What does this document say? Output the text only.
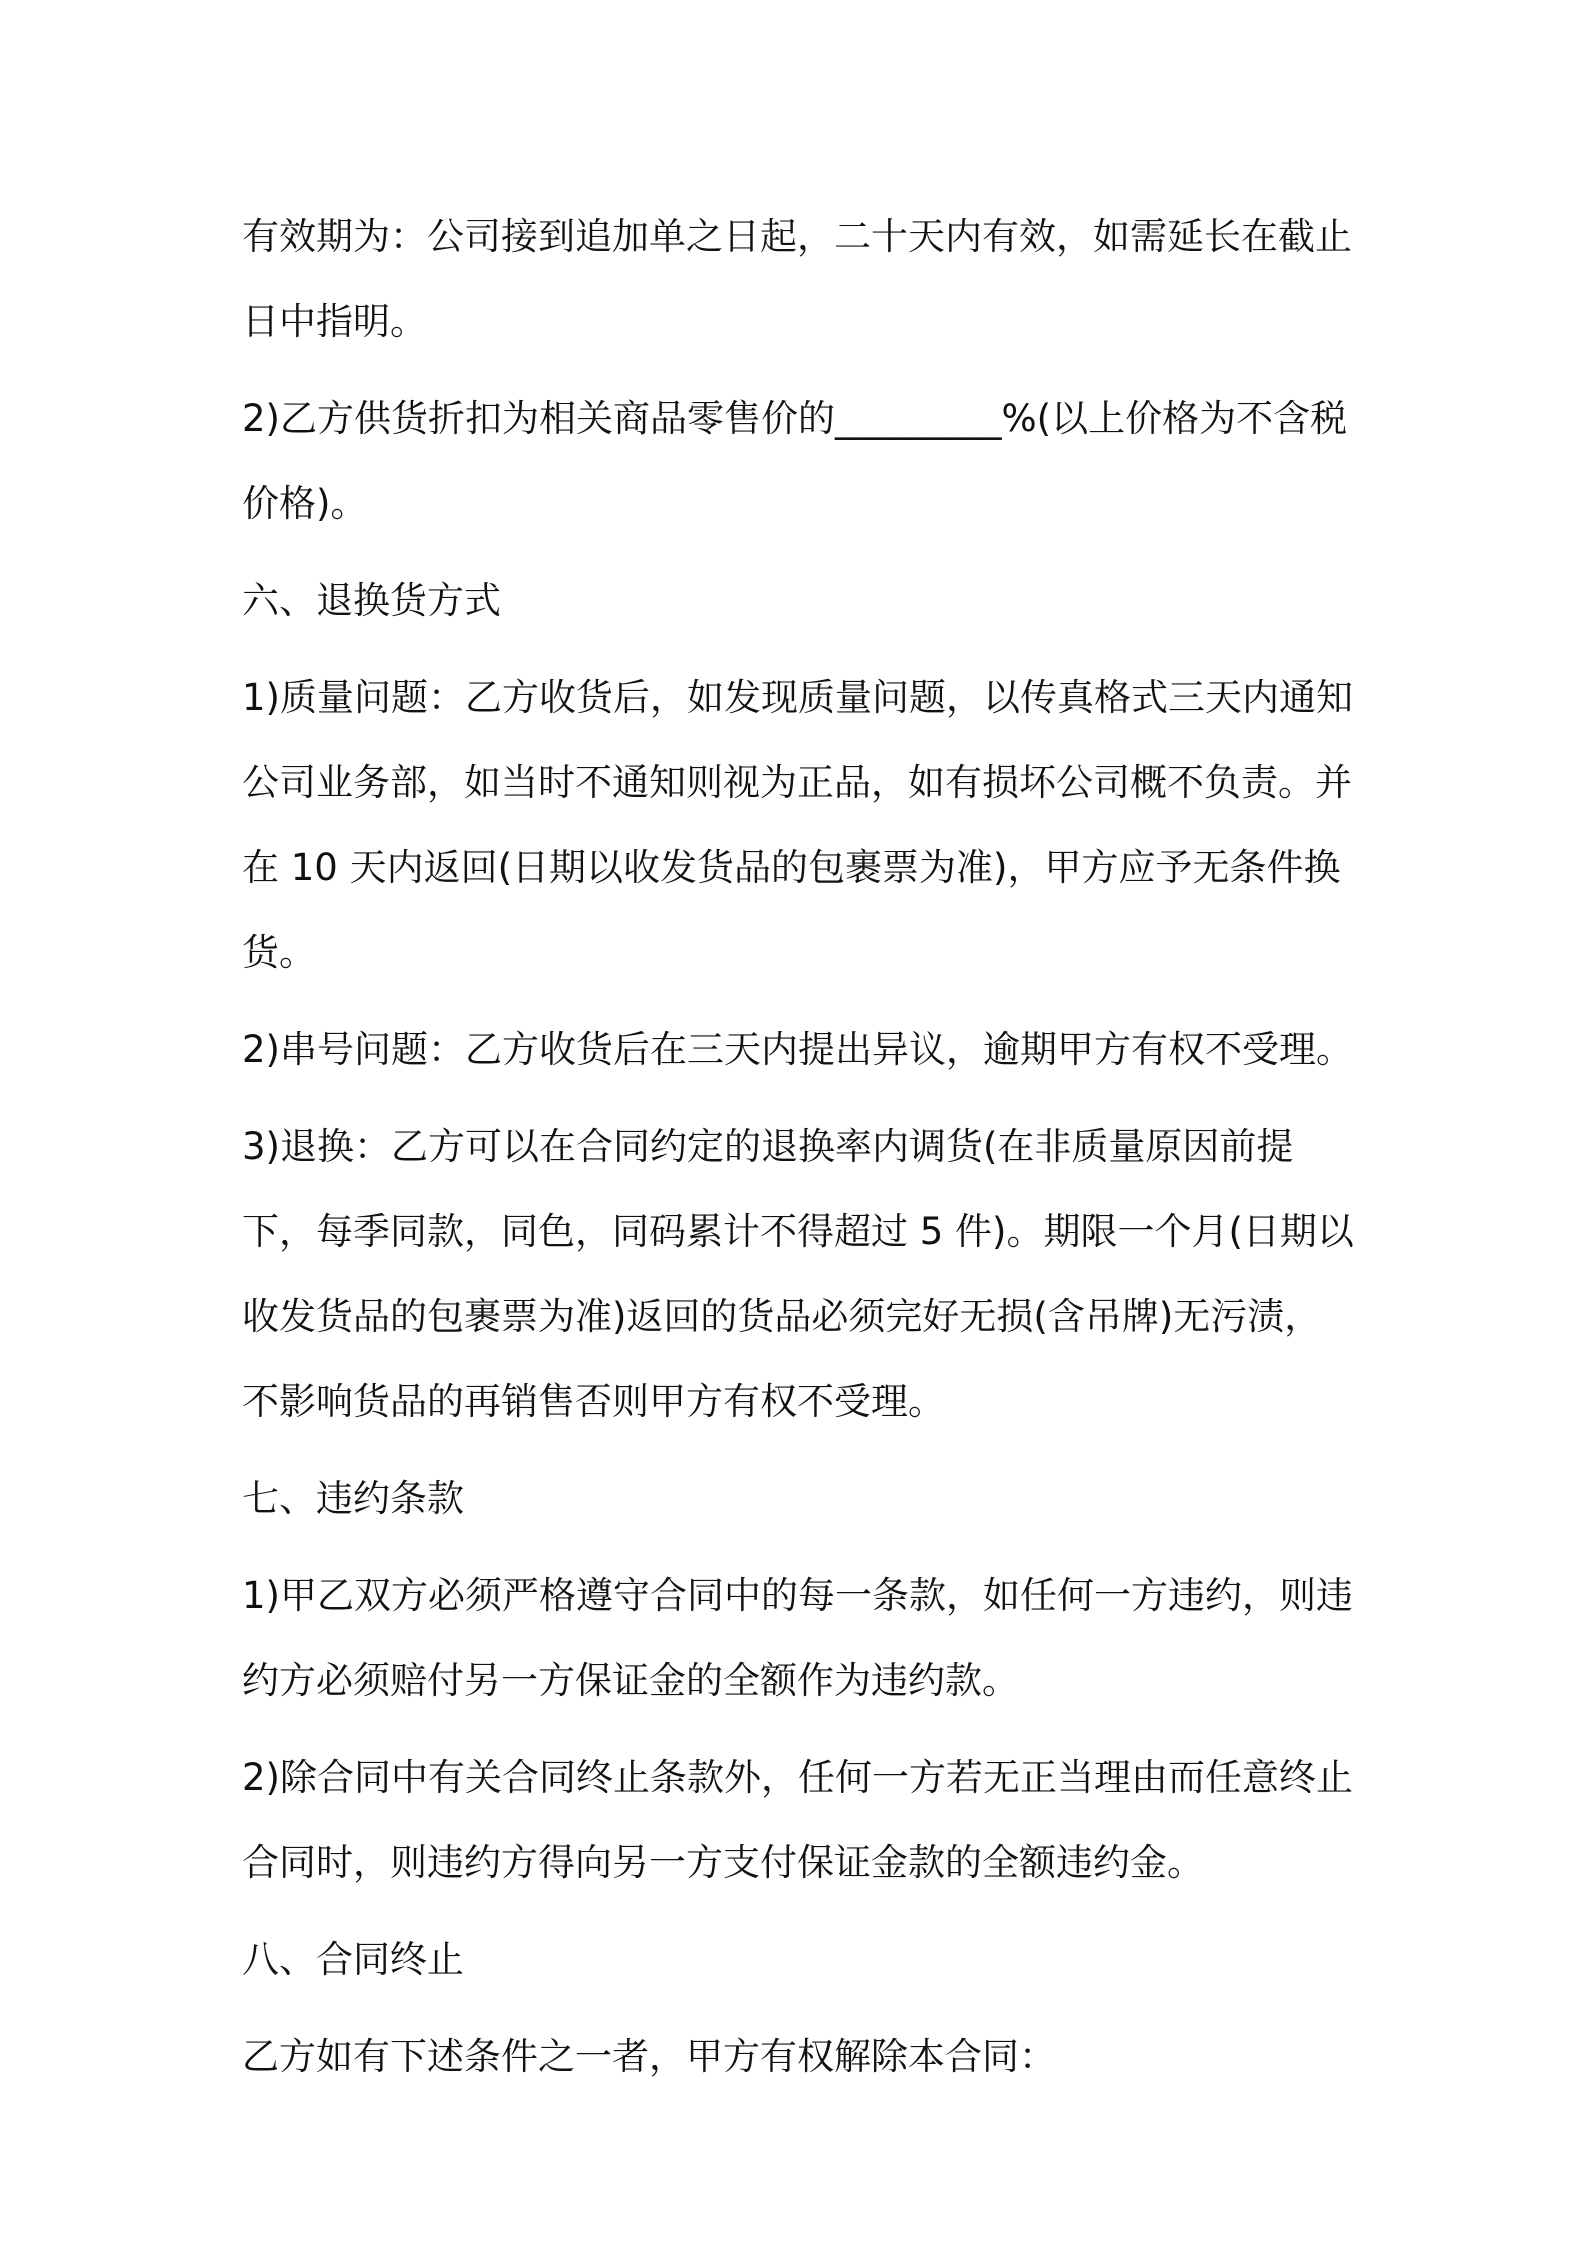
有效期为：公司接到追加单之日起，二十天内有效，如需延长在截止日中指明。

2)乙方供货折扣为相关商品零售价的_________%(以上价格为不含税价格)。

六、退换货方式

1)质量问题：乙方收货后，如发现质量问题，以传真格式三天内通知公司业务部，如当时不通知则视为正品，如有损坏公司概不负责。并在 10 天内返回(日期以收发货品的包裹票为准)，甲方应予无条件换货。

2)串号问题：乙方收货后在三天内提出异议，逾期甲方有权不受理。

3)退换：乙方可以在合同约定的退换率内调货(在非质量原因前提下，每季同款，同色，同码累计不得超过 5 件)。期限一个月(日期以收发货品的包裹票为准)返回的货品必须完好无损(含吊牌)无污渍，不影响货品的再销售否则甲方有权不受理。

七、违约条款

1)甲乙双方必须严格遵守合同中的每一条款，如任何一方违约，则违约方必须赔付另一方保证金的全额作为违约款。

2)除合同中有关合同终止条款外，任何一方若无正当理由而任意终止合同时，则违约方得向另一方支付保证金款的全额违约金。

八、合同终止

乙方如有下述条件之一者，甲方有权解除本合同：
